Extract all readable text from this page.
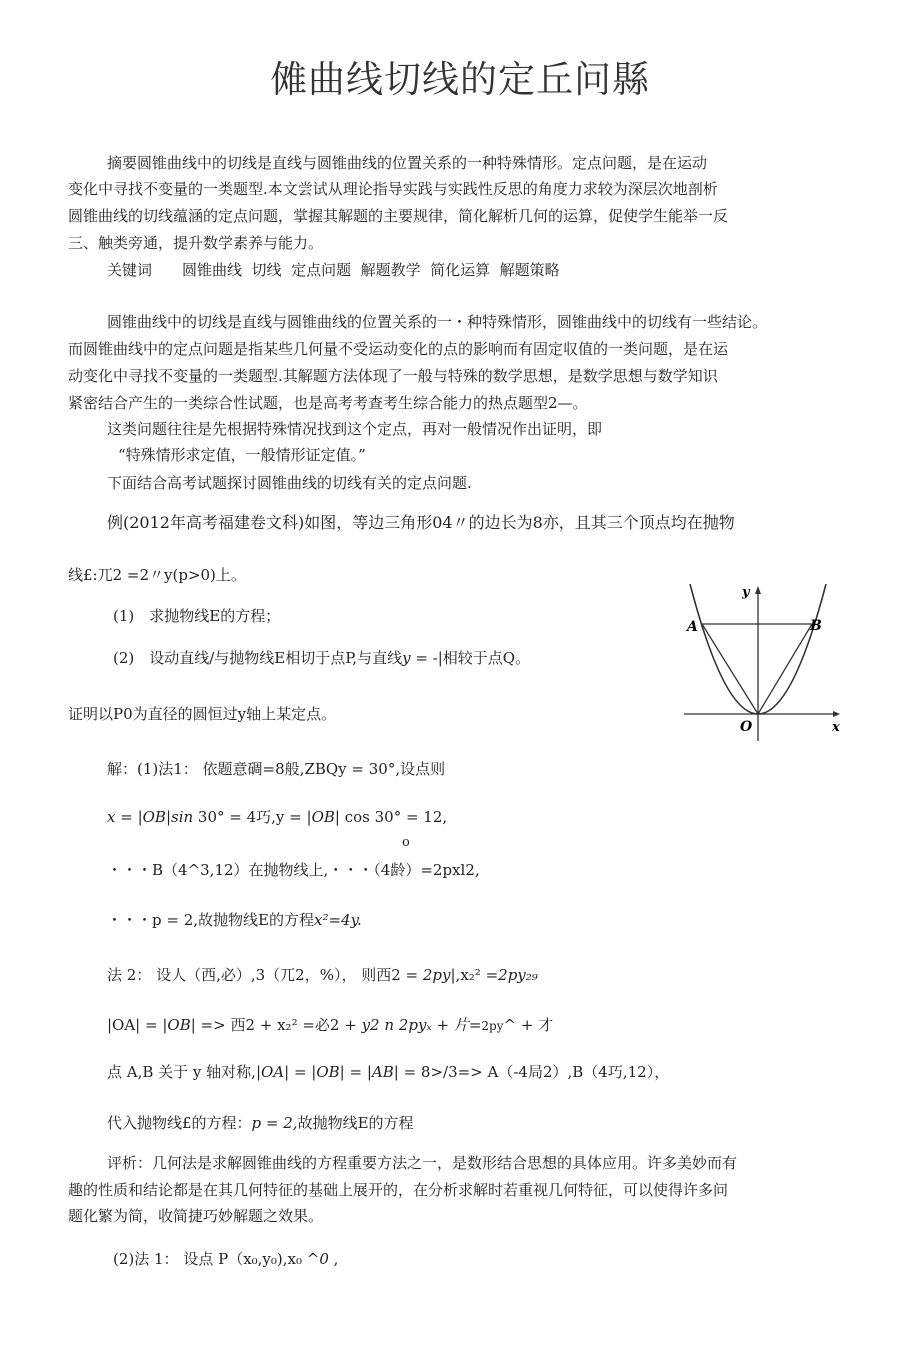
傩曲线切线的定丘问縣
摘要圆锥曲线中的切线是直线与圆锥曲线的位置关系的一种特殊情形。定点问题，是在运动
变化中寻找不变量的一类题型.本文尝试从理论指导实践与实践性反思的角度力求较为深层次地剖析
圆锥曲线的切线蕴涵的定点问题，掌握其解题的主要规律，简化解析几何的运算，促使学生能举一反
三、触类旁通，提升数学素养与能力。
关键词　　圆锥曲线  切线  定点问题  解题教学  简化运算  解题策略
圆锥曲线中的切线是直线与圆锥曲线的位置关系的一・种特殊情形，圆锥曲线中的切线有一些结论。
而圆锥曲线中的定点问题是指某些几何量不受运动变化的点的影响而有固定収值的一类问题，是在运
动变化中寻找不变量的一类题型.其解题方法体现了一般与特殊的数学思想，是数学思想与数学知识
紧密结合产生的一类综合性试题，也是高考考查考生综合能力的热点题型2—。
这类问题往往是先根据特殊情况找到这个定点，再对一般情况作出证明，即
“特殊情形求定值，一般情形证定值。”
下面结合高考试题探讨圆锥曲线的切线有关的定点问题.
例(2012年高考福建卷文科)如图，等边三角形04〃的边长为8亦，且其三个顶点均在抛物
线£:兀2 =2〃y(p>0)上。
(1)　求抛物线E的方程；
(2)　设动直线/与抛物线E相切于点P,与直线y = -|相较于点Q。
证明以P0为直径的圆恒过y轴上某定点。
y
x
A	B
O
解：(1)法1： 依题意碉=8般,ZBQy = 30°,设点则
x = |OB|sin 30° = 4巧,y = |OB| cos 30° = 12,
o
・・・B（4^3,12）在抛物线上,・・・（4龄）=2pxl2,
・・・p = 2,故抛物线E的方程x²=4y.
法 2： 设人（西,必）,3（兀2，%）， 则西2 = 2py|,x₂² =2py₂₉
|OA| = |OB| => 西2 + x₂² =必2 + y2 n 2pyₓ + 片=2py^ + 才
点 A,B 关于 y 轴对称,|OA| = |OB| = |AB| = 8>/3=> A（-4局2）,B（4巧,12），
代入抛物线£的方程：p = 2,故抛物线E的方程
评析：几何法是求解圆锥曲线的方程重要方法之一，是数形结合思想的具体应用。许多美妙而有
趣的性质和结论都是在其几何特征的基础上展开的，在分析求解时若重视几何特征，可以使得许多问
题化繁为简，收简捷巧妙解题之效果。
(2)法 1： 设点 P（x₀,y₀),x₀ ^0 ,
